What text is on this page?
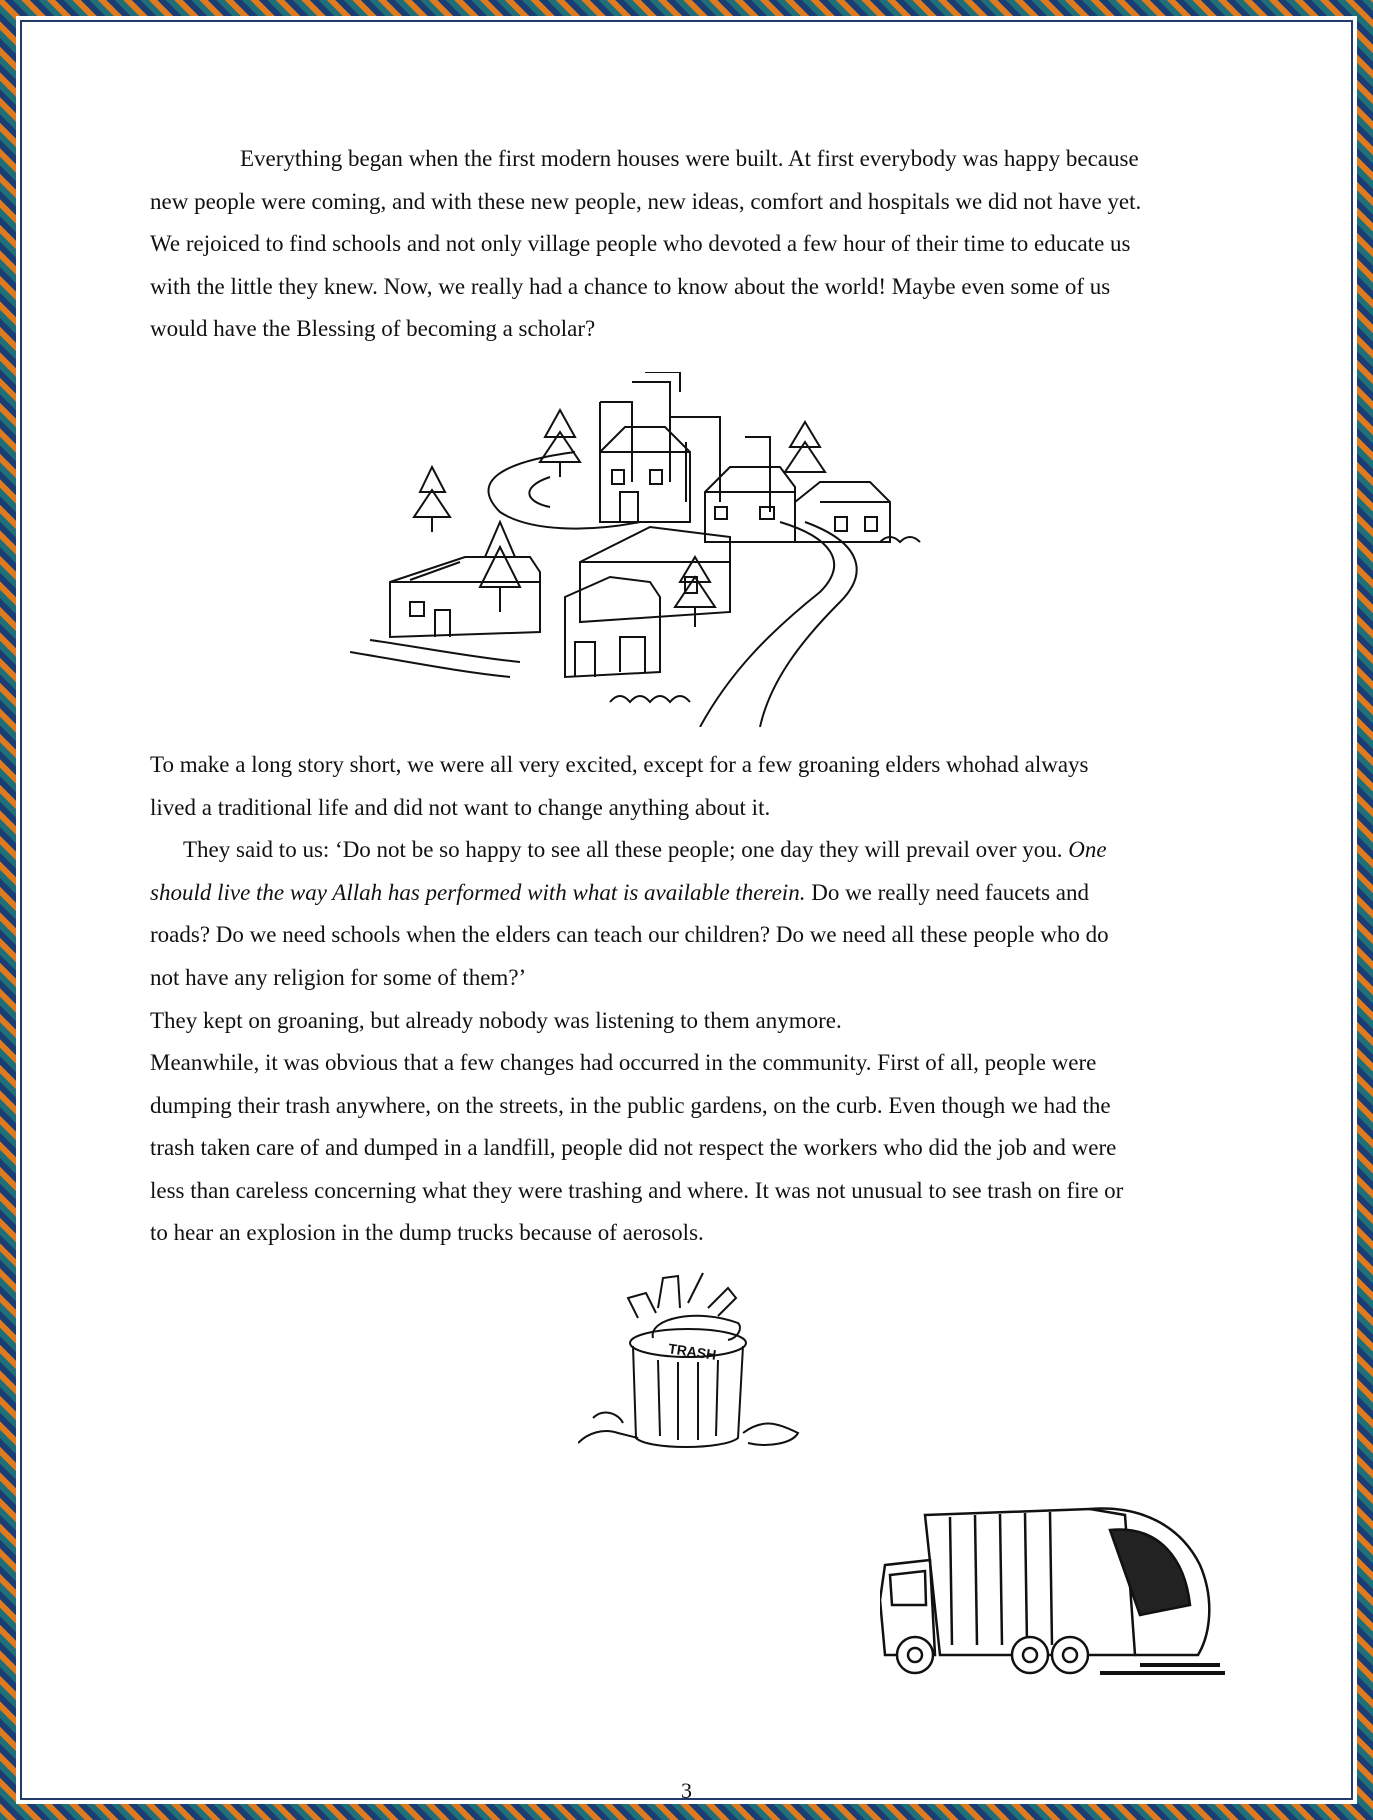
Everything began when the first modern houses were built. At first everybody was happy because
new people were coming, and with these new people, new ideas, comfort and hospitals we did not have yet.
We rejoiced to find schools and not only village people who devoted a few hour of their time to educate us
with the little they knew. Now, we really had a chance to know about the world! Maybe even some of us
would have the Blessing of becoming a scholar?
To make a long story short, we were all very excited, except for a few groaning elders whohad always
lived a traditional life and did not want to change anything about it.
They said to us: ‘Do not be so happy to see all these people; one day they will prevail over you. One
should live the way Allah has performed with what is available therein. Do we really need faucets and
roads? Do we need schools when the elders can teach our children? Do we need all these people who do
not have any religion for some of them?’
They kept on groaning, but already nobody was listening to them anymore.
Meanwhile, it was obvious that a few changes had occurred in the community. First of all, people were
dumping their trash anywhere, on the streets, in the public gardens, on the curb. Even though we had the
trash taken care of and dumped in a landfill, people did not respect the workers who did the job and were
less than careless concerning what they were trashing and where. It was not unusual to see trash on fire or
to hear an explosion in the dump trucks because of aerosols.
TRASH
3
